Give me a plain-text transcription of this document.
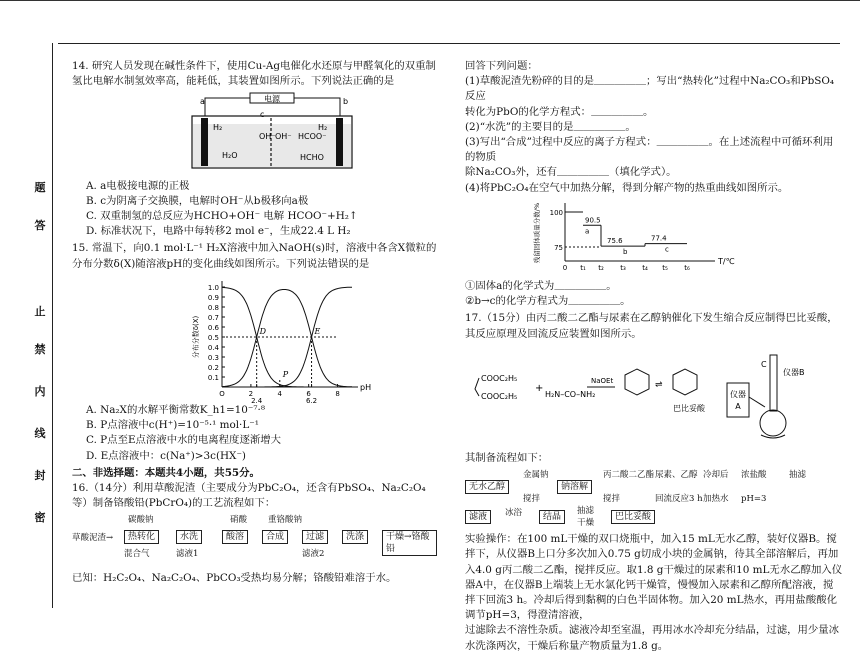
题
答
止
禁
内
线
封
密

14. 研究人员发现在碱性条件下，使用Cu-Ag电催化水还原与甲醛氧化的双重制氢比电解水制氢效率高，能耗低，其装置如图所示。下列说法正确的是

电源
a	b
c
H₂
H₂O
OH⁻ OH⁻ HCOO⁻
H₂
HCHO

A. a电极接电源的正极

B. c为阴离子交换膜，电解时OH⁻从b极移向a极

C. 双重制氢的总反应为HCHO+OH⁻ 电解 HCOO⁻+H₂↑

D. 标准状况下，电路中每转移2 mol e⁻，生成22.4 L H₂

15. 常温下，向0.1 mol·L⁻¹ H₂X溶液中加入NaOH(s)时，溶液中各含X微粒的分布分数δ(X)随溶液pH的变化曲线如图所示。下列说法错误的是

pH
分布分数δ(X)
0.1
0.2
0.3
0.4
0.5
0.6
0.7
0.8
0.9
1.0
O	2
2.4
4	6
6.2
8
D
P
E

A. Na₂X的水解平衡常数K_h1=10⁻⁷·⁸

B. P点溶液中c(H⁺)=10⁻⁵·¹ mol·L⁻¹

C. P点至E点溶液中水的电离程度逐渐增大

D. E点溶液中：c(Na⁺)>3c(HX⁻)

二、非选择题：本题共4小题，共55分。

16.（14分）利用草酸泥渣（主要成分为PbC₂O₄，还含有PbSO₄、Na₂C₂O₄等）制备铬酸铅(PbCrO₄)的工艺流程如下：

碳酸钠	硝酸 重铬酸钠
草酸泥渣→	热转化	水洗	酸溶	合成	过滤	洗涤	干燥→铬酸铅
混合气	滤液1	滤液2

已知：H₂C₂O₄、Na₂C₂O₄、PbCO₃受热均易分解；铬酸铅难溶于水。

回答下列问题：

(1)草酸泥渣先粉碎的目的是＿＿＿＿＿；写出“热转化”过程中Na₂CO₃和PbSO₄反应

转化为PbO的化学方程式：＿＿＿＿＿。

(2)“水洗”的主要目的是＿＿＿＿＿。

(3)写出“合成”过程中反应的离子方程式：＿＿＿＿＿。在上述流程中可循环利用的物质

除Na₂CO₃外，还有＿＿＿＿＿（填化学式）。

(4)将PbC₂O₄在空气中加热分解，得到分解产物的热重曲线如图所示。

T/℃
残留固体质量分数/% 100
75
0 t₁ t₂ t₃ t₄ t₅ t₆
90.5
75.6	77.4
a
b	c

①固体a的化学式为＿＿＿＿＿。

②b→c的化学方程式为＿＿＿＿＿。

17.（15分）由丙二酸二乙酯与尿素在乙醇钠催化下发生缩合反应制得巴比妥酸，其反应原理及回流反应装置如图所示。

COOC₂H₅
COOC₂H₅
+
H₂N–CO–NH₂
NaOEt	⇌
巴比妥酸
仪器
A
仪器B
C

其制备流程如下：

金属钠	丙二酸二乙酯 尿素、乙醇 冷却后 浓盐酸	抽滤
无水乙醇	钠溶解
搅拌	搅拌	回流反应3 h 加热水 pH=3
滤液	冰浴	结晶
抽滤
干燥
巴比妥酸

实验操作：在100 mL干燥的双口烧瓶中，加入15 mL无水乙醇，装好仪器B。搅拌下，从仪器B上口分多次加入0.75 g切成小块的金属钠，待其全部溶解后，再加入4.0 g丙二酸二乙酯，搅拌反应。取1.8 g干燥过的尿素和10 mL无水乙醇加入仪器A中，在仪器B上端装上无水氯化钙干燥管，慢慢加入尿素和乙醇所配溶液，搅拌下回流3 h。冷却后得到黏稠的白色半固体物。加入20 mL热水，再用盐酸酸化调节pH=3，得澄清溶液，

过滤除去不溶性杂质。滤液冷却至室温，再用冰水冷却充分结晶，过滤，用少量冰水洗涤两次，干燥后称量产物质量为1.8 g。
